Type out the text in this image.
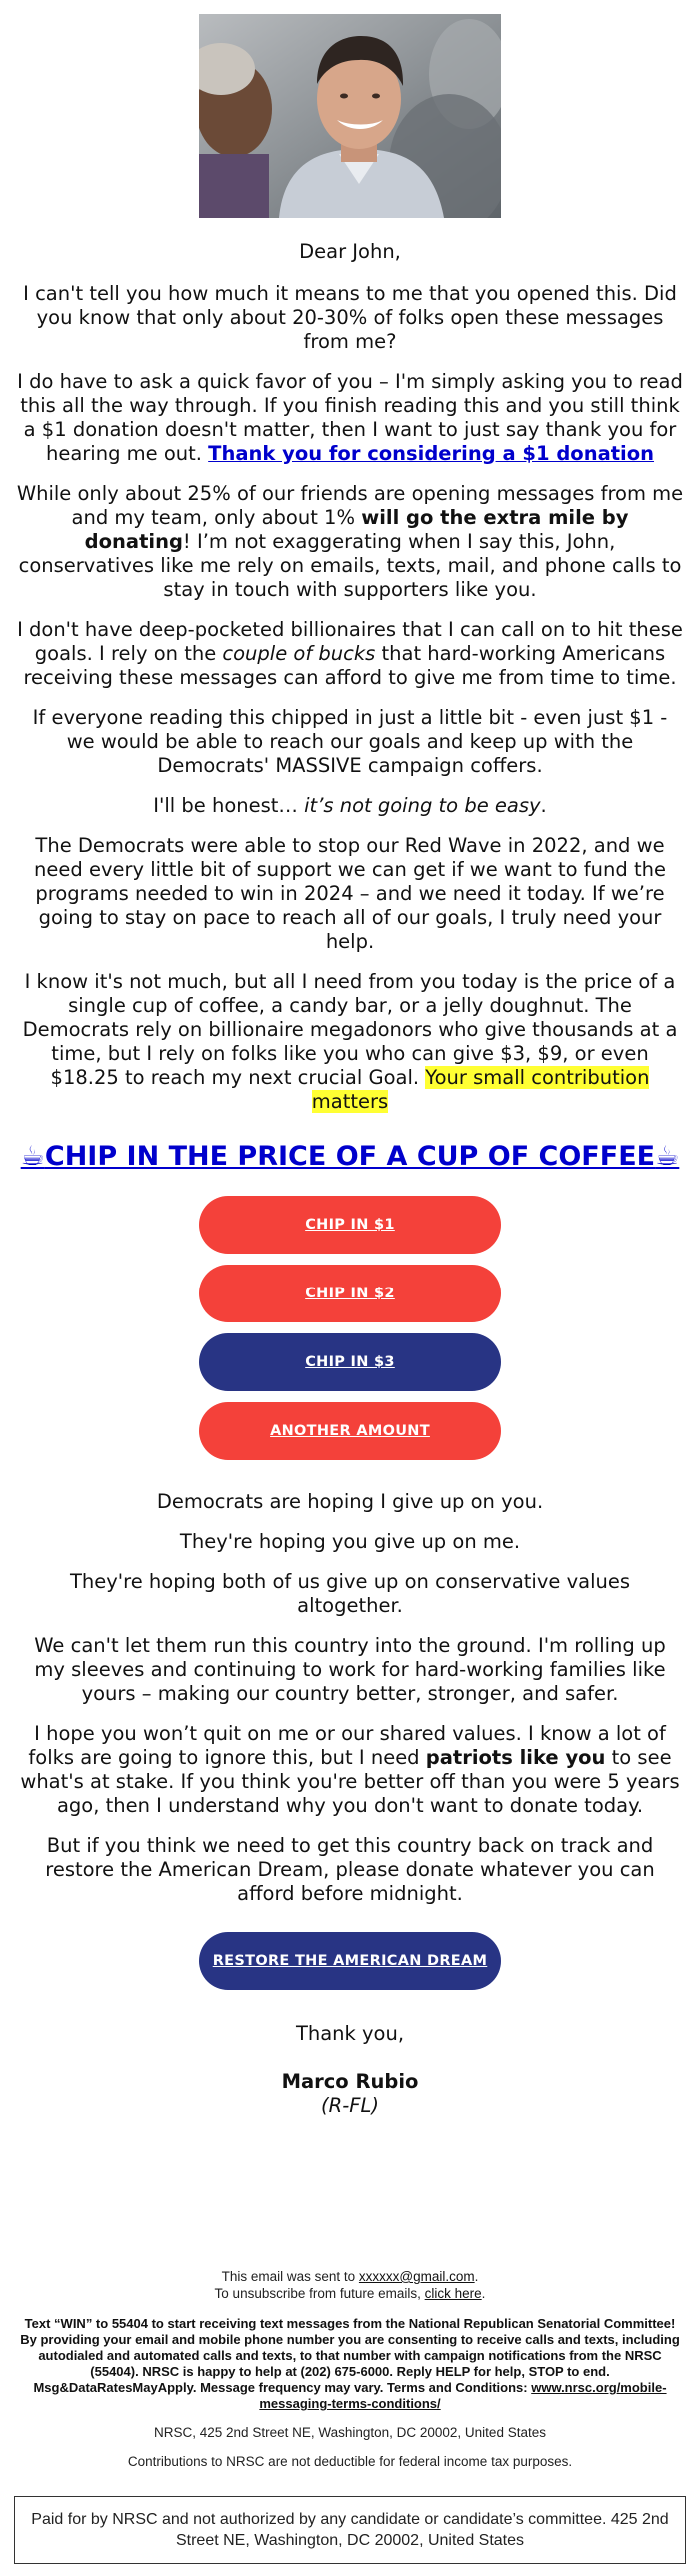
Dear John,

I can't tell you how much it means to me that you opened this. Did you know that only about 20-30% of folks open these messages from me?

I do have to ask a quick favor of you – I'm simply asking you to read this all the way through. If you finish reading this and you still think a $1 donation doesn't matter, then I want to just say thank you for hearing me out. Thank you for considering a $1 donation

While only about 25% of our friends are opening messages from me and my team, only about 1% will go the extra mile by donating! I’m not exaggerating when I say this, John, conservatives like me rely on emails, texts, mail, and phone calls to stay in touch with supporters like you.

I don't have deep-pocketed billionaires that I can call on to hit these goals. I rely on the couple of bucks that hard-working Americans receiving these messages can afford to give me from time to time.

If everyone reading this chipped in just a little bit - even just $1 - we would be able to reach our goals and keep up with the Democrats' MASSIVE campaign coffers.

I'll be honest… it’s not going to be easy.

The Democrats were able to stop our Red Wave in 2022, and we need every little bit of support we can get if we want to fund the programs needed to win in 2024 – and we need it today. If we’re going to stay on pace to reach all of our goals, I truly need your help.

I know it's not much, but all I need from you today is the price of a single cup of coffee, a candy bar, or a jelly doughnut. The Democrats rely on billionaire megadonors who give thousands at a time, but I rely on folks like you who can give $3, $9, or even $18.25 to reach my next crucial Goal. Your small contribution matters

☕CHIP IN THE PRICE OF A CUP OF COFFEE☕
CHIP IN $1
CHIP IN $2
CHIP IN $3
ANOTHER AMOUNT

Democrats are hoping I give up on you.

They're hoping you give up on me.

They're hoping both of us give up on conservative values altogether.

We can't let them run this country into the ground. I'm rolling up my sleeves and continuing to work for hard-working families like yours – making our country better, stronger, and safer.

I hope you won’t quit on me or our shared values. I know a lot of folks are going to ignore this, but I need patriots like you to see what's at stake. If you think you're better off than you were 5 years ago, then I understand why you don't want to donate today.

But if you think we need to get this country back on track and restore the American Dream, please donate whatever you can afford before midnight.

RESTORE THE AMERICAN DREAM

Thank you,

Marco Rubio

(R-FL)

This email was sent to xxxxxx@gmail.com.

To unsubscribe from future emails, click here.

Text “WIN” to 55404 to start receiving text messages from the National Republican Senatorial Committee! By providing your email and mobile phone number you are consenting to receive calls and texts, including autodialed and automated calls and texts, to that number with campaign notifications from the NRSC (55404). NRSC is happy to help at (202) 675-6000. Reply HELP for help, STOP to end. Msg&DataRatesMayApply. Message frequency may vary. Terms and Conditions: www.nrsc.org/mobile-messaging-terms-conditions/

NRSC, 425 2nd Street NE, Washington, DC 20002, United States

Contributions to NRSC are not deductible for federal income tax purposes.

Paid for by NRSC and not authorized by any candidate or candidate’s committee. 425 2nd Street NE, Washington, DC 20002, United States
